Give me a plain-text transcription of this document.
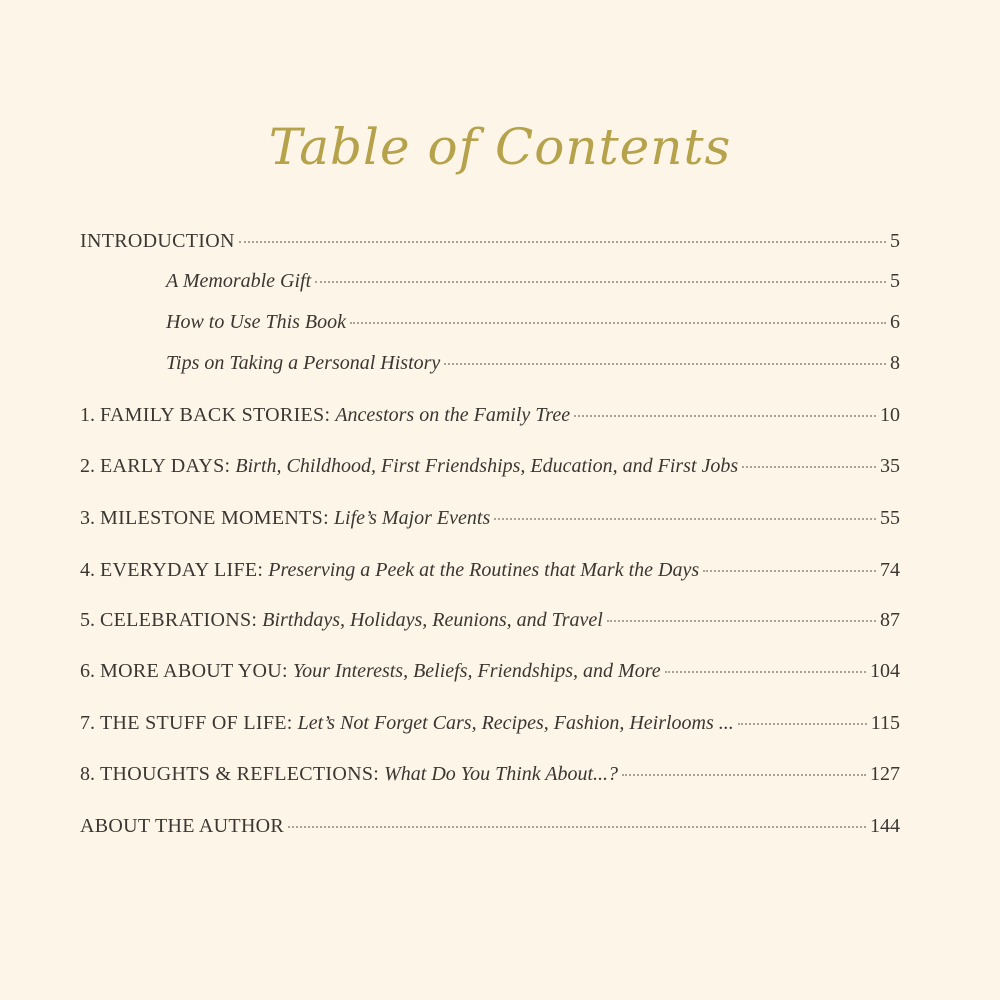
Table of Contents
INTRODUCTION	5
A Memorable Gift	5
How to Use This Book	6
Tips on Taking a Personal History	8
1. FAMILY BACK STORIES: Ancestors on the Family Tree	10
2. EARLY DAYS: Birth, Childhood, First Friendships, Education, and First Jobs	35
3. MILESTONE MOMENTS: Life’s Major Events	55
4. EVERYDAY LIFE: Preserving a Peek at the Routines that Mark the Days	74
5. CELEBRATIONS: Birthdays, Holidays, Reunions, and Travel	87
6. MORE ABOUT YOU: Your Interests, Beliefs, Friendships, and More	104
7. THE STUFF OF LIFE: Let’s Not Forget Cars, Recipes, Fashion, Heirlooms ...	115
8. THOUGHTS & REFLECTIONS: What Do You Think About...?	127
ABOUT THE AUTHOR	144
